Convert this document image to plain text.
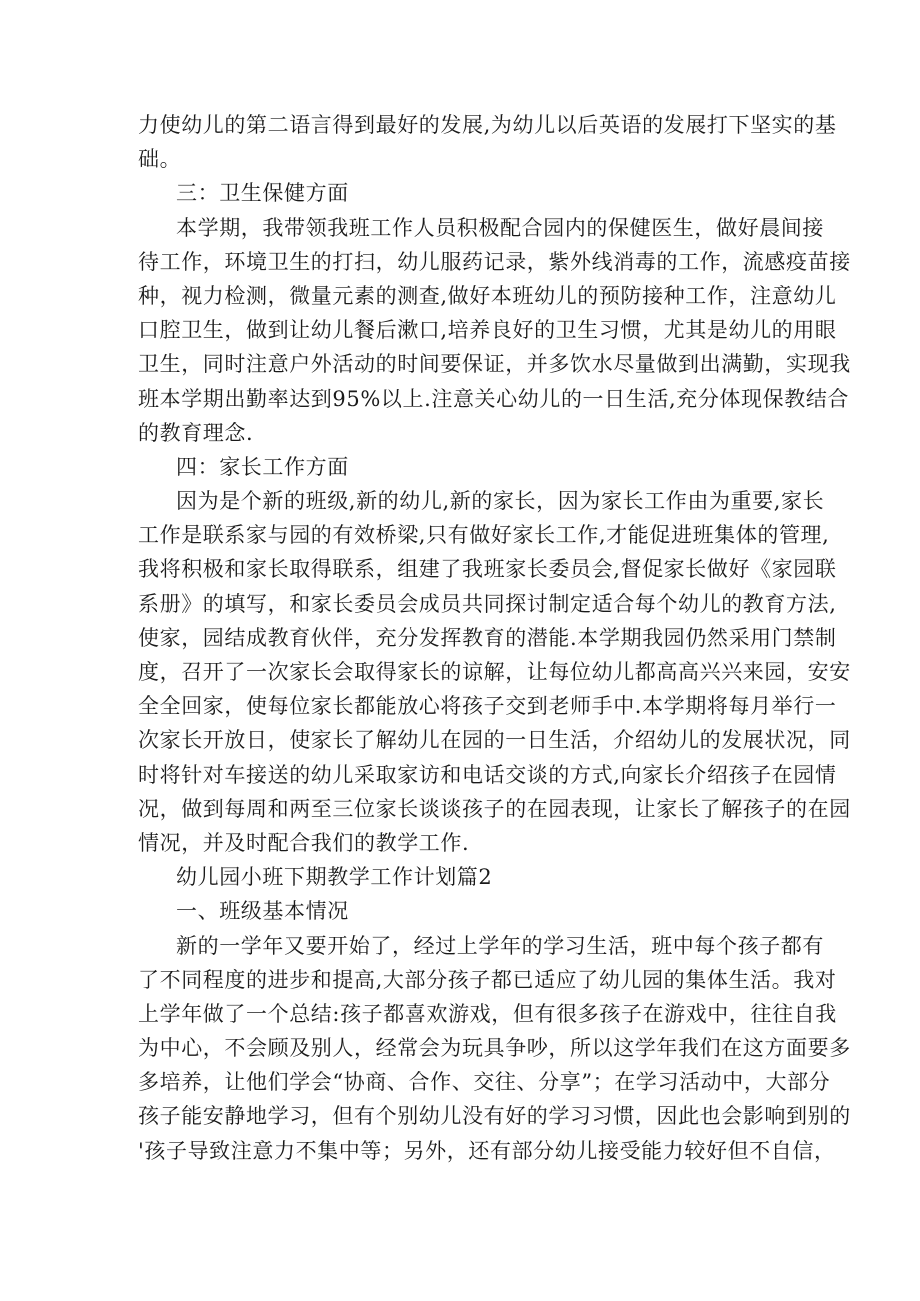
力使幼儿的第二语言得到最好的发展,为幼儿以后英语的发展打下坚实的基
础。
三：卫生保健方面
本学期，我带领我班工作人员积极配合园内的保健医生，做好晨间接
待工作，环境卫生的打扫，幼儿服药记录，紫外线消毒的工作，流感疫苗接
种，视力检测，微量元素的测查,做好本班幼儿的预防接种工作，注意幼儿
口腔卫生，做到让幼儿餐后漱口,培养良好的卫生习惯，尤其是幼儿的用眼
卫生，同时注意户外活动的时间要保证，并多饮水尽量做到出满勤，实现我
班本学期出勤率达到95%以上.注意关心幼儿的一日生活,充分体现保教结合
的教育理念.
四：家长工作方面
因为是个新的班级,新的幼儿,新的家长，因为家长工作由为重要,家长
工作是联系家与园的有效桥梁,只有做好家长工作,才能促进班集体的管理,
我将积极和家长取得联系，组建了我班家长委员会,督促家长做好《家园联
系册》的填写，和家长委员会成员共同探讨制定适合每个幼儿的教育方法,
使家，园结成教育伙伴，充分发挥教育的潜能.本学期我园仍然采用门禁制
度，召开了一次家长会取得家长的谅解，让每位幼儿都高高兴兴来园，安安
全全回家，使每位家长都能放心将孩子交到老师手中.本学期将每月举行一
次家长开放日，使家长了解幼儿在园的一日生活，介绍幼儿的发展状况，同
时将针对车接送的幼儿采取家访和电话交谈的方式,向家长介绍孩子在园情
况，做到每周和两至三位家长谈谈孩子的在园表现，让家长了解孩子的在园
情况，并及时配合我们的教学工作.
幼儿园小班下期教学工作计划篇2
一、班级基本情况
新的一学年又要开始了，经过上学年的学习生活，班中每个孩子都有
了不同程度的进步和提高,大部分孩子都已适应了幼儿园的集体生活。我对
上学年做了一个总结:孩子都喜欢游戏，但有很多孩子在游戏中，往往自我
为中心，不会顾及别人，经常会为玩具争吵，所以这学年我们在这方面要多
多培养，让他们学会“协商、合作、交往、分享”；在学习活动中，大部分
孩子能安静地学习，但有个别幼儿没有好的学习习惯，因此也会影响到别的
'孩子导致注意力不集中等；另外，还有部分幼儿接受能力较好但不自信，
